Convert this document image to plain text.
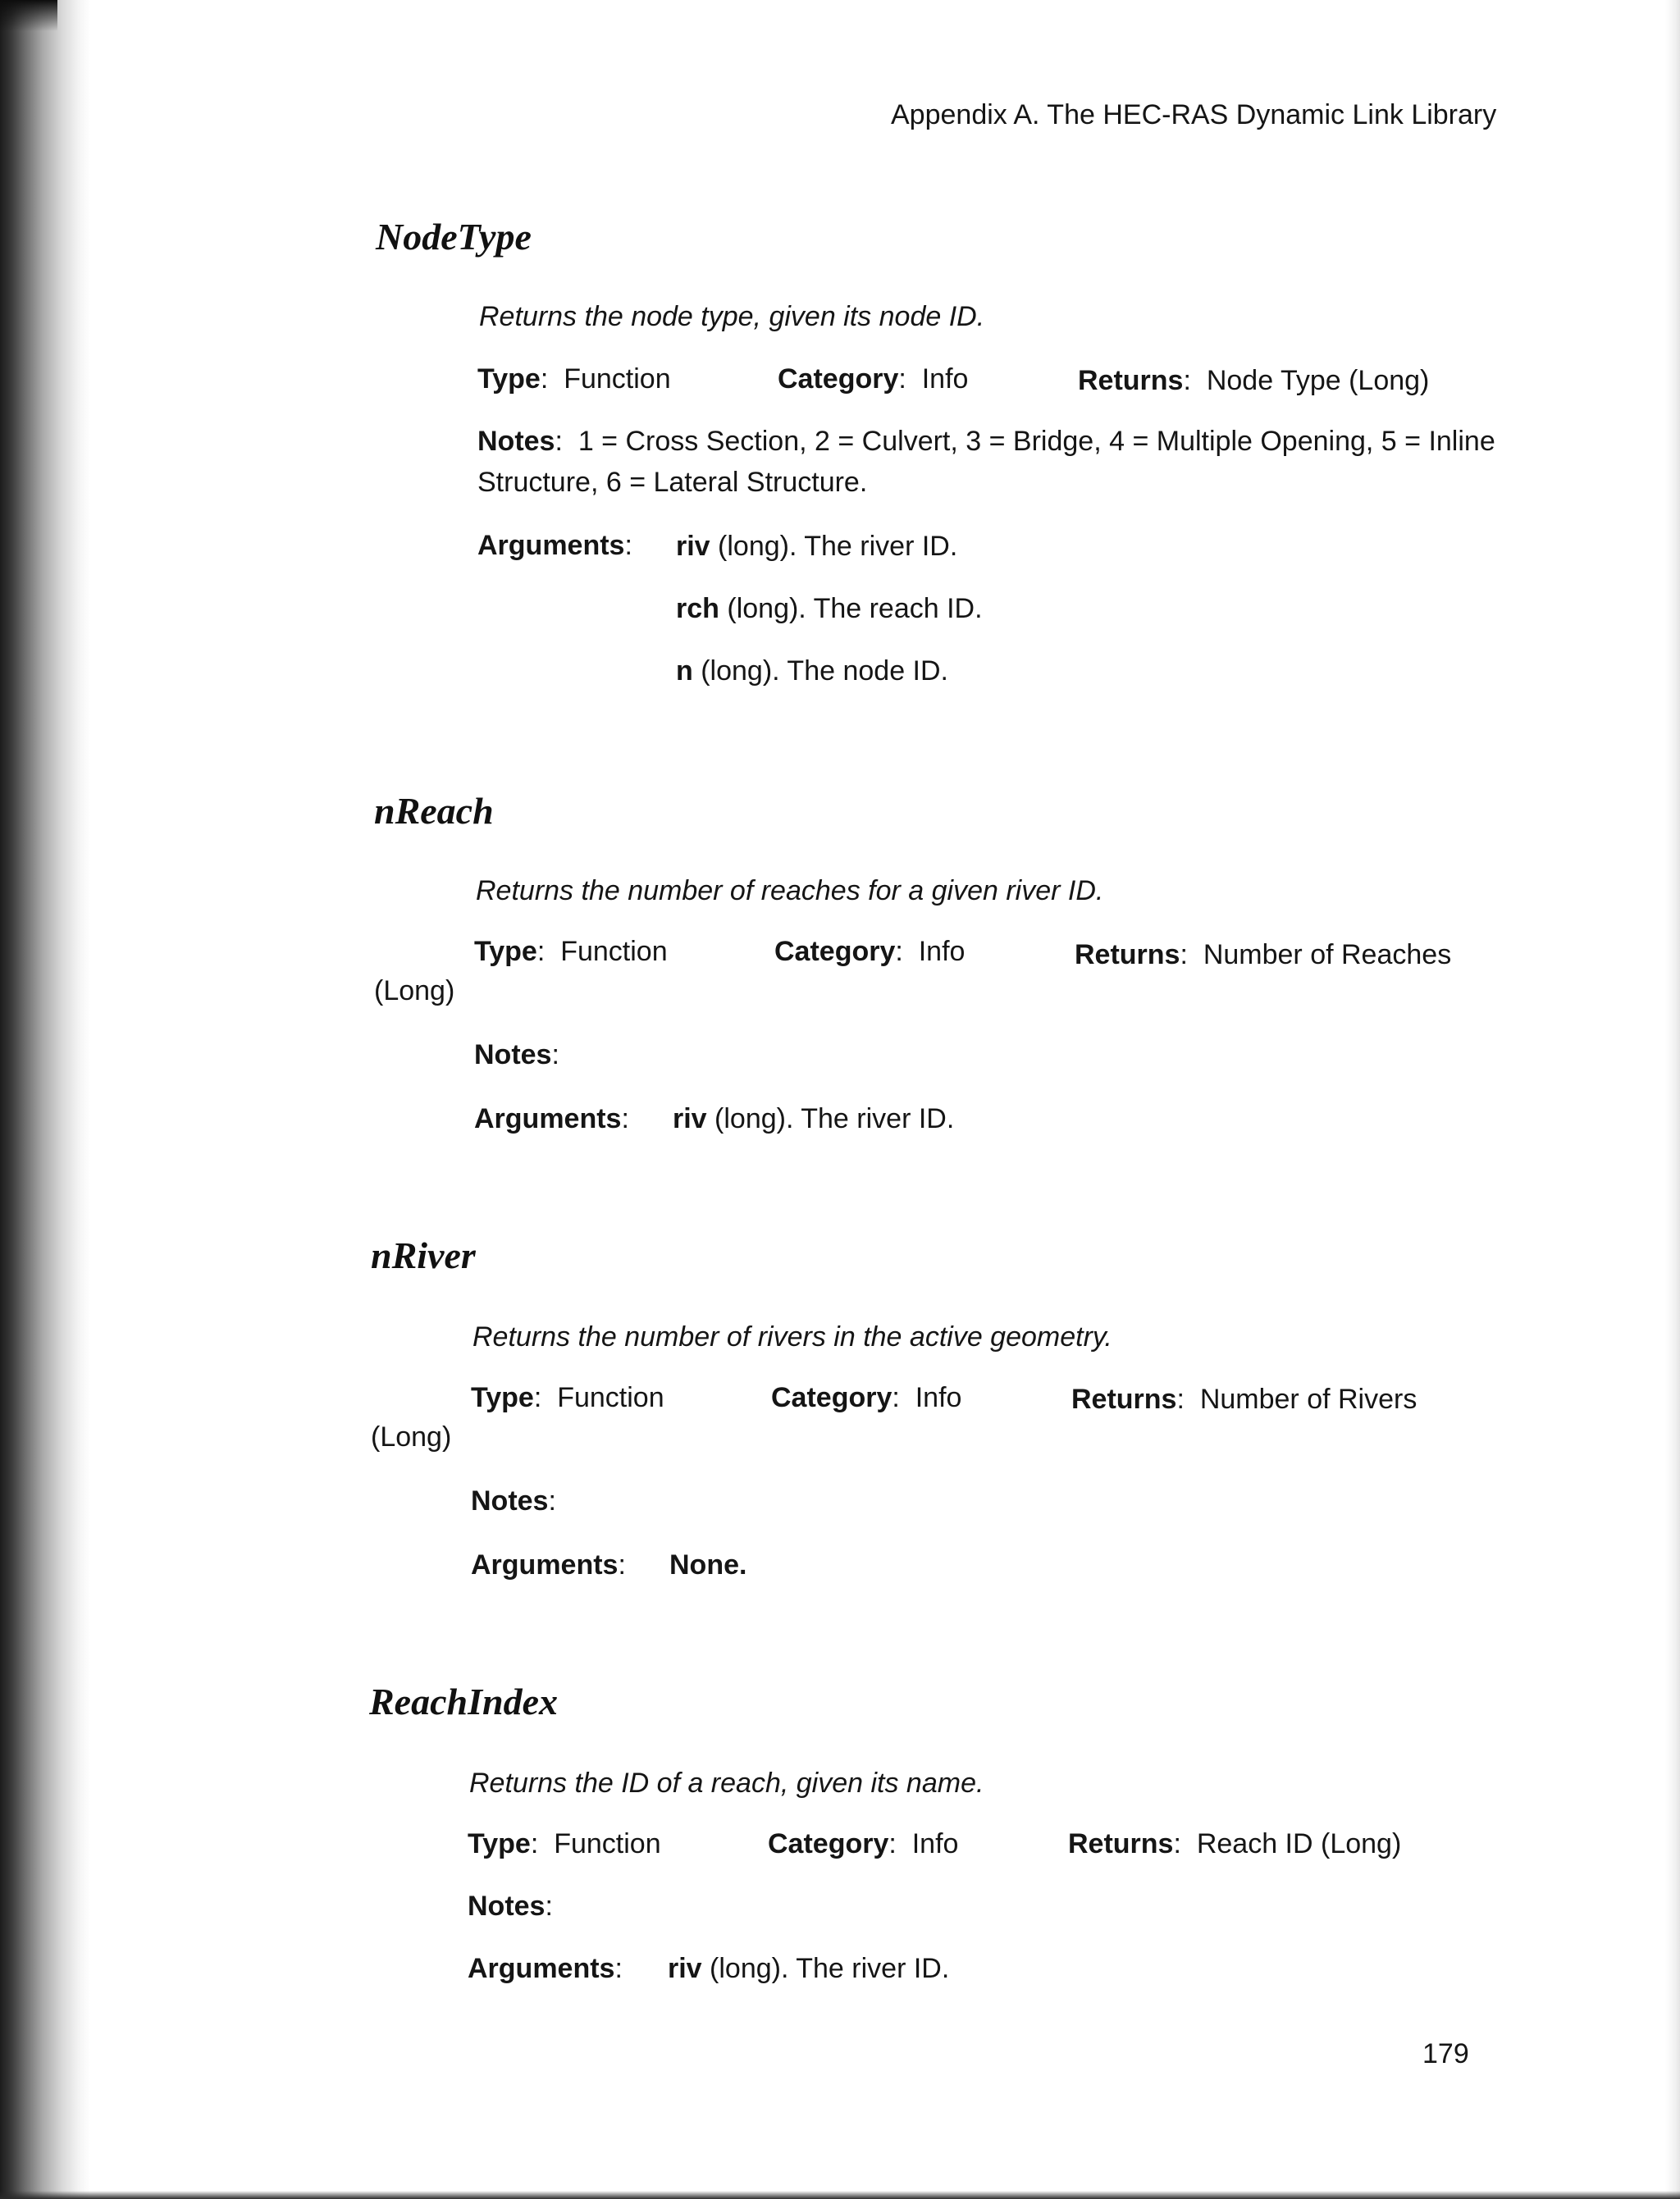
Appendix A. The HEC-RAS Dynamic Link Library
NodeType
Returns the node type, given its node ID.
Type: Function	Category: Info	Returns: Node Type (Long)
Notes: 1 = Cross Section, 2 = Culvert, 3 = Bridge, 4 = Multiple Opening, 5 = Inline
Structure, 6 = Lateral Structure.
Arguments: riv (long). The river ID.
rch (long). The reach ID.
n (long). The node ID.
nReach
Returns the number of reaches for a given river ID.
Type: Function	Category: Info	Returns: Number of Reaches
(Long)
Notes:
Arguments: riv (long). The river ID.
nRiver
Returns the number of rivers in the active geometry.
Type: Function	Category: Info	Returns: Number of Rivers
(Long)
Notes:
Arguments: None.
ReachIndex
Returns the ID of a reach, given its name.
Type: Function	Category: Info	Returns: Reach ID (Long)
Notes:
Arguments: riv (long). The river ID.
179
